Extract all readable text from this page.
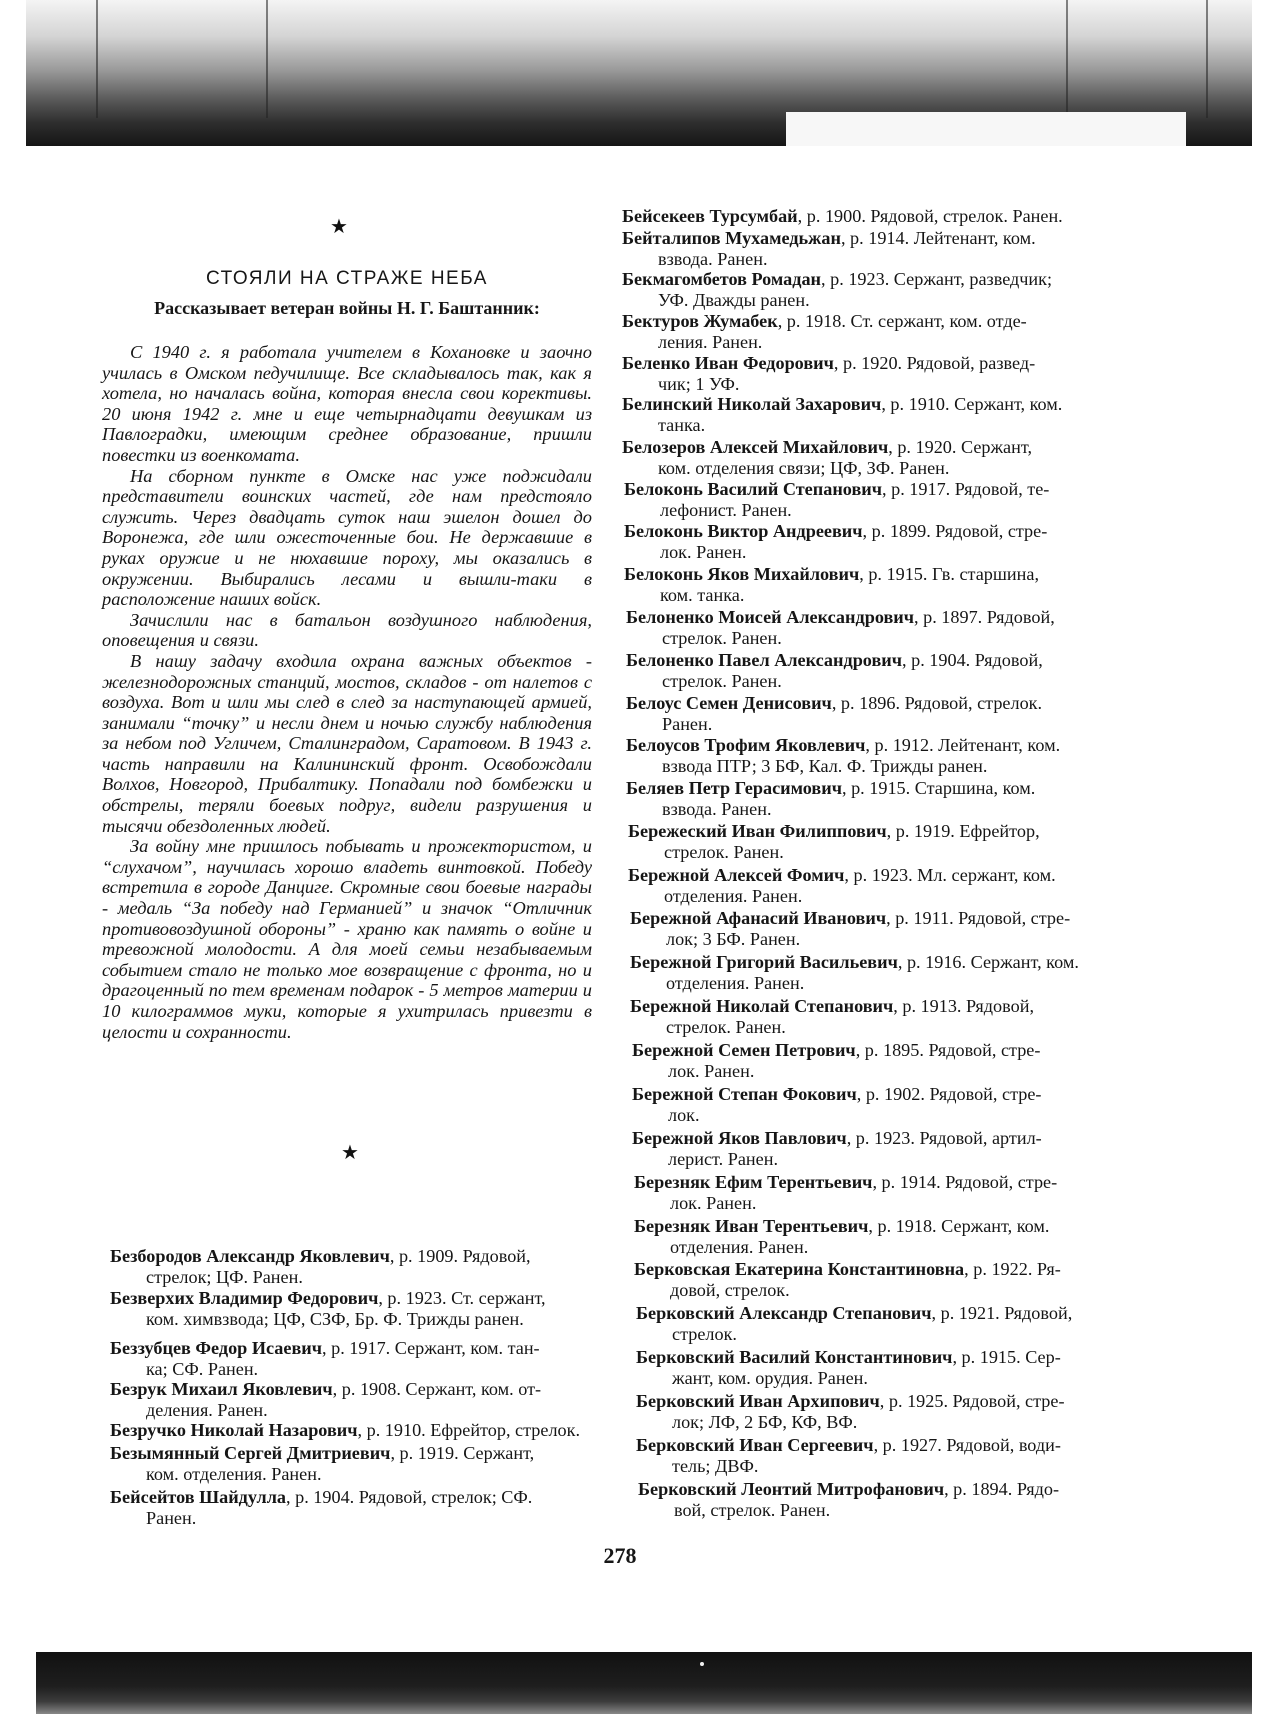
★
СТОЯЛИ НА СТРАЖЕ НЕБА
Рассказывает ветеран войны Н. Г. Баштанник:

С 1940 г. я работала учителем в Кохановке и заочно училась в Омском педучилище. Все складывалось так, как я хотела, но началась война, которая внесла свои корективы. 20 июня 1942 г. мне и еще четырнадцати девушкам из Павлоградки, имеющим среднее образование, пришли повестки из военкомата.

На сборном пункте в Омске нас уже поджидали представители воинских частей, где нам предстояло служить. Через двадцать суток наш эшелон дошел до Воронежа, где шли ожесточенные бои. Не державшие в руках оружие и не нюхавшие пороху, мы оказались в окружении. Выбирались лесами и вышли-таки в расположение наших войск.

Зачислили нас в батальон воздушного наблюдения, оповещения и связи.

В нашу задачу входила охрана важных объектов - железнодорожных станций, мостов, складов - от налетов с воздуха. Вот и шли мы след в след за наступающей армией, занимали “точку” и несли днем и ночью службу наблюдения за небом под Угличем, Сталинградом, Саратовом. В 1943 г. часть направили на Калининский фронт. Освобождали Волхов, Новгород, Прибалтику. Попадали под бомбежки и обстрелы, теряли боевых подруг, видели разрушения и тысячи обездоленных людей.

За войну мне пришлось побывать и прожектористом, и “слухачом”, научилась хорошо владеть винтовкой. Победу встретила в городе Данциге. Скромные свои боевые награды - медаль “За победу над Германией” и значок “Отличник противовоздушной обороны” - храню как память о войне и тревожной молодости. А для моей семьи незабываемым событием стало не только мое возвращение с фронта, но и драгоценный по тем временам подарок - 5 метров материи и 10 килограммов муки, которые я ухитрилась привезти в целости и сохранности.

★
Безбородов Александр Яковлевич, р. 1909. Рядовой,
стрелок; ЦФ. Ранен.
Безверхих Владимир Федорович, р. 1923. Ст. сержант,
ком. химвзвода; ЦФ, СЗФ, Бр. Ф. Трижды ранен.
Беззубцев Федор Исаевич, р. 1917. Сержант, ком. тан-
ка; СФ. Ранен.
Безрук Михаил Яковлевич, р. 1908. Сержант, ком. от-
деления. Ранен.
Безручко Николай Назарович, р. 1910. Ефрейтор, стрелок.
Безымянный Сергей Дмитриевич, р. 1919. Сержант,
ком. отделения. Ранен.
Бейсейтов Шайдулла, р. 1904. Рядовой, стрелок; СФ.
Ранен.
Бейсекеев Турсумбай, р. 1900. Рядовой, стрелок. Ранен.
Бейталипов Мухамедьжан, р. 1914. Лейтенант, ком.
взвода. Ранен.
Бекмагомбетов Ромадан, р. 1923. Сержант, разведчик;
УФ. Дважды ранен.
Бектуров Жумабек, р. 1918. Ст. сержант, ком. отде-
ления. Ранен.
Беленко Иван Федорович, р. 1920. Рядовой, развед-
чик; 1 УФ.
Белинский Николай Захарович, р. 1910. Сержант, ком.
танка.
Белозеров Алексей Михайлович, р. 1920. Сержант,
ком. отделения связи; ЦФ, ЗФ. Ранен.
Белоконь Василий Степанович, р. 1917. Рядовой, те-
лефонист. Ранен.
Белоконь Виктор Андреевич, р. 1899. Рядовой, стре-
лок. Ранен.
Белоконь Яков Михайлович, р. 1915. Гв. старшина,
ком. танка.
Белоненко Моисей Александрович, р. 1897. Рядовой,
стрелок. Ранен.
Белоненко Павел Александрович, р. 1904. Рядовой,
стрелок. Ранен.
Белоус Семен Денисович, р. 1896. Рядовой, стрелок.
Ранен.
Белоусов Трофим Яковлевич, р. 1912. Лейтенант, ком.
взвода ПТР; 3 БФ, Кал. Ф. Трижды ранен.
Беляев Петр Герасимович, р. 1915. Старшина, ком.
взвода. Ранен.
Бережеский Иван Филиппович, р. 1919. Ефрейтор,
стрелок. Ранен.
Бережной Алексей Фомич, р. 1923. Мл. сержант, ком.
отделения. Ранен.
Бережной Афанасий Иванович, р. 1911. Рядовой, стре-
лок; 3 БФ. Ранен.
Бережной Григорий Васильевич, р. 1916. Сержант, ком.
отделения. Ранен.
Бережной Николай Степанович, р. 1913. Рядовой,
стрелок. Ранен.
Бережной Семен Петрович, р. 1895. Рядовой, стре-
лок. Ранен.
Бережной Степан Фокович, р. 1902. Рядовой, стре-
лок.
Бережной Яков Павлович, р. 1923. Рядовой, артил-
лерист. Ранен.
Березняк Ефим Терентьевич, р. 1914. Рядовой, стре-
лок. Ранен.
Березняк Иван Терентьевич, р. 1918. Сержант, ком.
отделения. Ранен.
Берковская Екатерина Константиновна, р. 1922. Ря-
довой, стрелок.
Берковский Александр Степанович, р. 1921. Рядовой,
стрелок.
Берковский Василий Константинович, р. 1915. Сер-
жант, ком. орудия. Ранен.
Берковский Иван Архипович, р. 1925. Рядовой, стре-
лок; ЛФ, 2 БФ, КФ, ВФ.
Берковский Иван Сергеевич, р. 1927. Рядовой, води-
тель; ДВФ.
Берковский Леонтий Митрофанович, р. 1894. Рядо-
вой, стрелок. Ранен.
278
